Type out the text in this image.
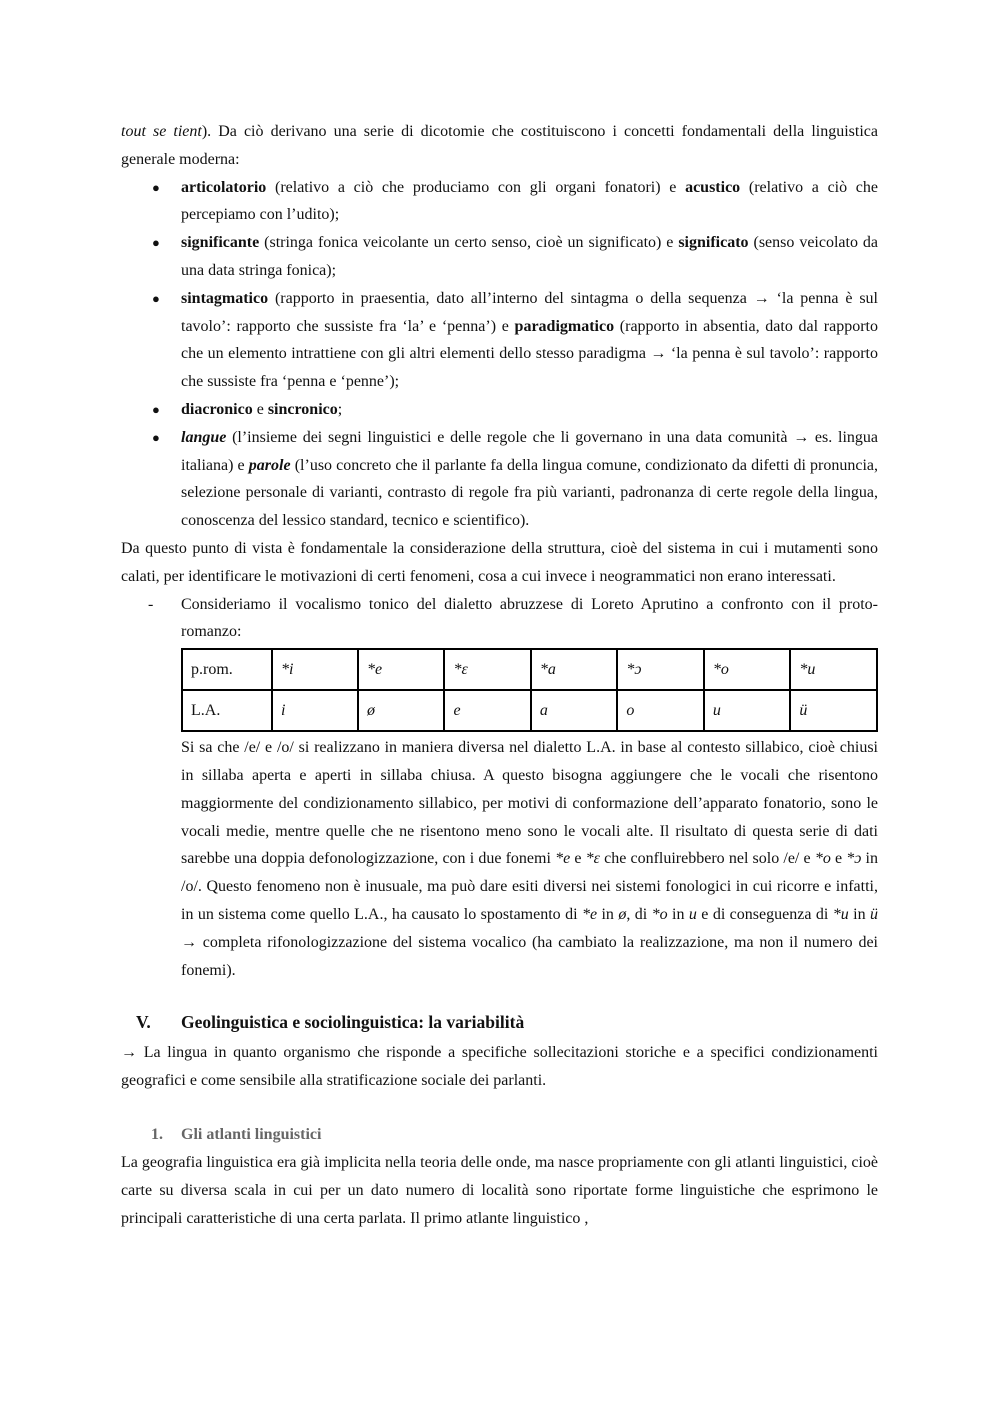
tout se tient). Da ciò derivano una serie di dicotomie che costituiscono i concetti fondamentali della linguistica generale moderna:

● articolatorio (relativo a ciò che produciamo con gli organi fonatori) e acustico (relativo a ciò che percepiamo con l’udito);
● significante (stringa fonica veicolante un certo senso, cioè un significato) e significato (senso veicolato da una data stringa fonica);
● sintagmatico (rapporto in praesentia, dato all’interno del sintagma o della sequenza → ‘la penna è sul tavolo’: rapporto che sussiste fra ‘la’ e ‘penna’) e paradigmatico (rapporto in absentia, dato dal rapporto che un elemento intrattiene con gli altri elementi dello stesso paradigma → ‘la penna è sul tavolo’: rapporto che sussiste fra ‘penna e ‘penne’);
● diacronico e sincronico;
● langue (l’insieme dei segni linguistici e delle regole che li governano in una data comunità → es. lingua italiana) e parole (l’uso concreto che il parlante fa della lingua comune, condizionato da difetti di pronuncia, selezione personale di varianti, contrasto di regole fra più varianti, padronanza di certe regole della lingua, conoscenza del lessico standard, tecnico e scientifico).

Da questo punto di vista è fondamentale la considerazione della struttura, cioè del sistema in cui i mutamenti sono calati, per identificare le motivazioni di certi fenomeni, cosa a cui invece i neogrammatici non erano interessati.

- Consideriamo il vocalismo tonico del dialetto abruzzese di Loreto Aprutino a confronto con il proto-romanzo:
p.rom.	*i	*e	*ɛ	*a	*ɔ	*o	*u
L.A.	i	ø	e	a	o	u	ü

Si sa che /e/ e /o/ si realizzano in maniera diversa nel dialetto L.A. in base al contesto sillabico, cioè chiusi in sillaba aperta e aperti in sillaba chiusa. A questo bisogna aggiungere che le vocali che risentono maggiormente del condizionamento sillabico, per motivi di conformazione dell’apparato fonatorio, sono le vocali medie, mentre quelle che ne risentono meno sono le vocali alte. Il risultato di questa serie di dati sarebbe una doppia defonologizzazione, con i due fonemi *e e *ɛ che confluirebbero nel solo /e/ e *o e *ɔ in /o/. Questo fenomeno non è inusuale, ma può dare esiti diversi nei sistemi fonologici in cui ricorre e infatti, in un sistema come quello L.A., ha causato lo spostamento di *e in ø, di *o in u e di conseguenza di *u in ü → completa rifonologizzazione del sistema vocalico (ha cambiato la realizzazione, ma non il numero dei fonemi).

V. Geolinguistica e sociolinguistica: la variabilità

→ La lingua in quanto organismo che risponde a specifiche sollecitazioni storiche e a specifici condizionamenti geografici e come sensibile alla stratificazione sociale dei parlanti.

1. Gli atlanti linguistici

La geografia linguistica era già implicita nella teoria delle onde, ma nasce propriamente con gli atlanti linguistici, cioè carte su diversa scala in cui per un dato numero di località sono riportate forme linguistiche che esprimono le principali caratteristiche di una certa parlata. Il primo atlante linguistico ,
